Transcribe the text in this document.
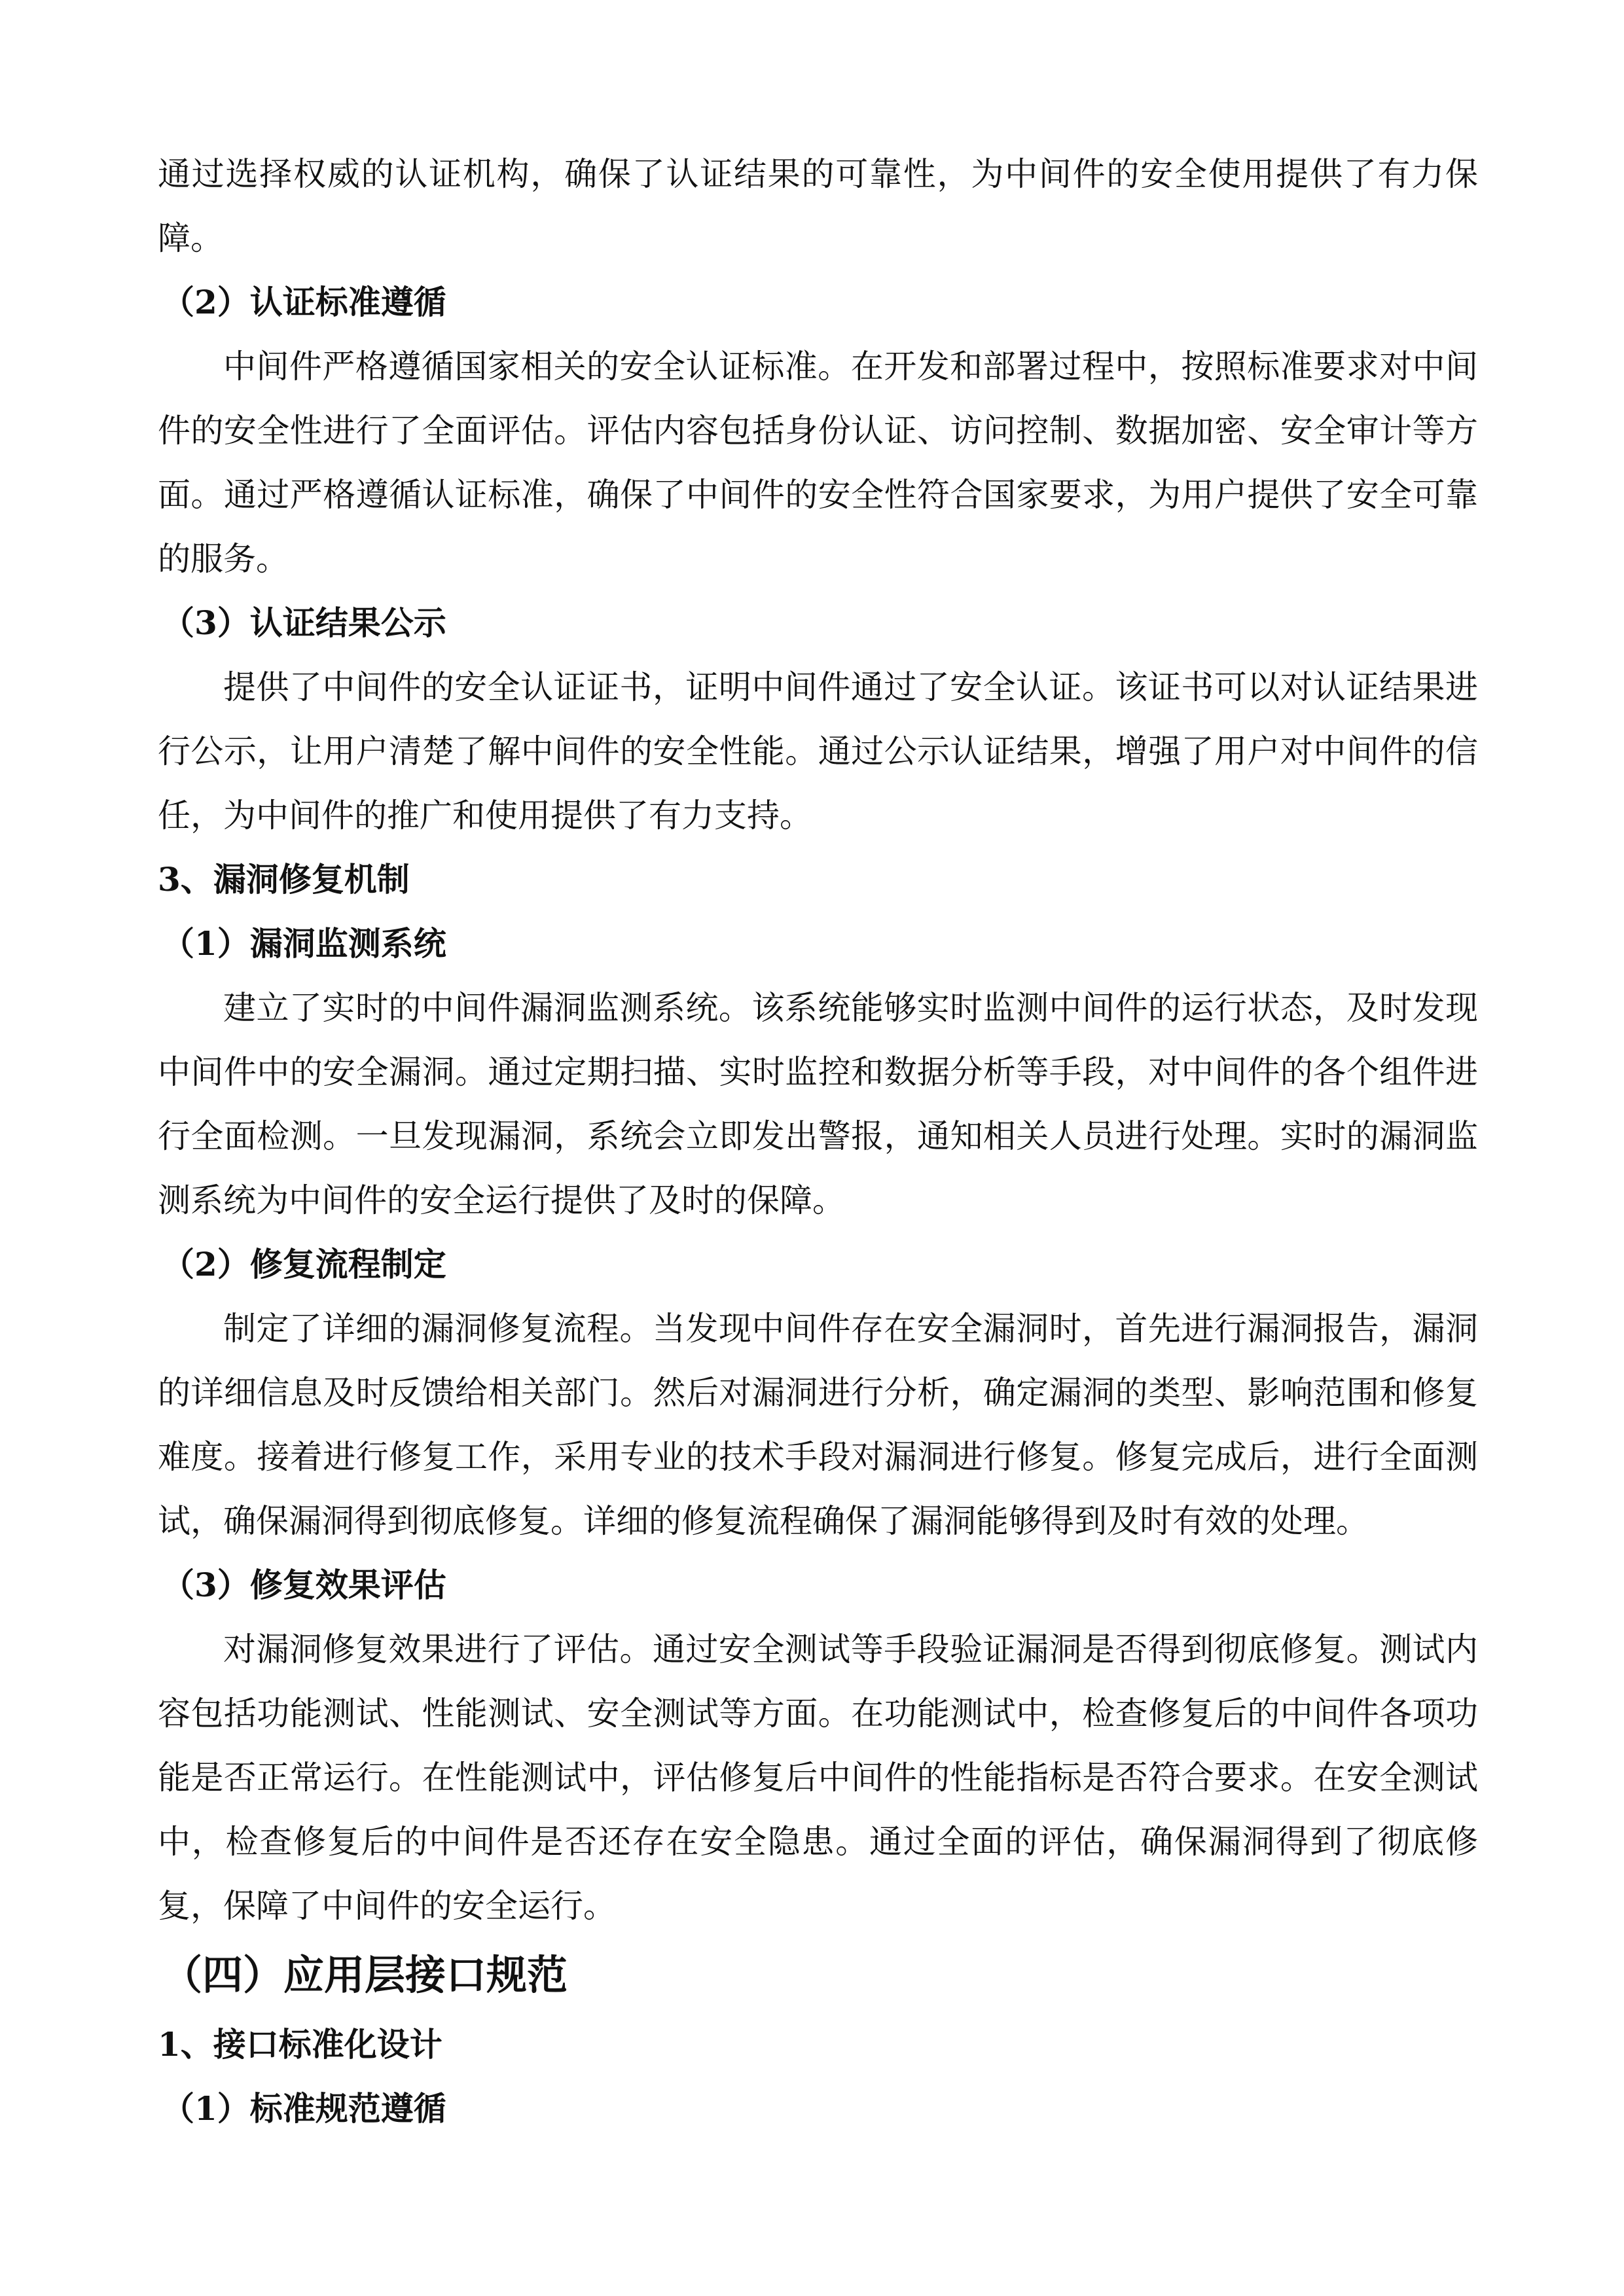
通过选择权威的认证机构，确保了认证结果的可靠性，为中间件的安全使用提供了有力保
障。
（2）认证标准遵循
中间件严格遵循国家相关的安全认证标准。在开发和部署过程中，按照标准要求对中间
件的安全性进行了全面评估。评估内容包括身份认证、访问控制、数据加密、安全审计等方
面。通过严格遵循认证标准，确保了中间件的安全性符合国家要求，为用户提供了安全可靠
的服务。
（3）认证结果公示
提供了中间件的安全认证证书，证明中间件通过了安全认证。该证书可以对认证结果进
行公示，让用户清楚了解中间件的安全性能。通过公示认证结果，增强了用户对中间件的信
任，为中间件的推广和使用提供了有力支持。
3、漏洞修复机制
（1）漏洞监测系统
建立了实时的中间件漏洞监测系统。该系统能够实时监测中间件的运行状态，及时发现
中间件中的安全漏洞。通过定期扫描、实时监控和数据分析等手段，对中间件的各个组件进
行全面检测。一旦发现漏洞，系统会立即发出警报，通知相关人员进行处理。实时的漏洞监
测系统为中间件的安全运行提供了及时的保障。
（2）修复流程制定
制定了详细的漏洞修复流程。当发现中间件存在安全漏洞时，首先进行漏洞报告，漏洞
的详细信息及时反馈给相关部门。然后对漏洞进行分析，确定漏洞的类型、影响范围和修复
难度。接着进行修复工作，采用专业的技术手段对漏洞进行修复。修复完成后，进行全面测
试，确保漏洞得到彻底修复。详细的修复流程确保了漏洞能够得到及时有效的处理。
（3）修复效果评估
对漏洞修复效果进行了评估。通过安全测试等手段验证漏洞是否得到彻底修复。测试内
容包括功能测试、性能测试、安全测试等方面。在功能测试中，检查修复后的中间件各项功
能是否正常运行。在性能测试中，评估修复后中间件的性能指标是否符合要求。在安全测试
中，检查修复后的中间件是否还存在安全隐患。通过全面的评估，确保漏洞得到了彻底修
复，保障了中间件的安全运行。
（四）应用层接口规范
1、接口标准化设计
（1）标准规范遵循
